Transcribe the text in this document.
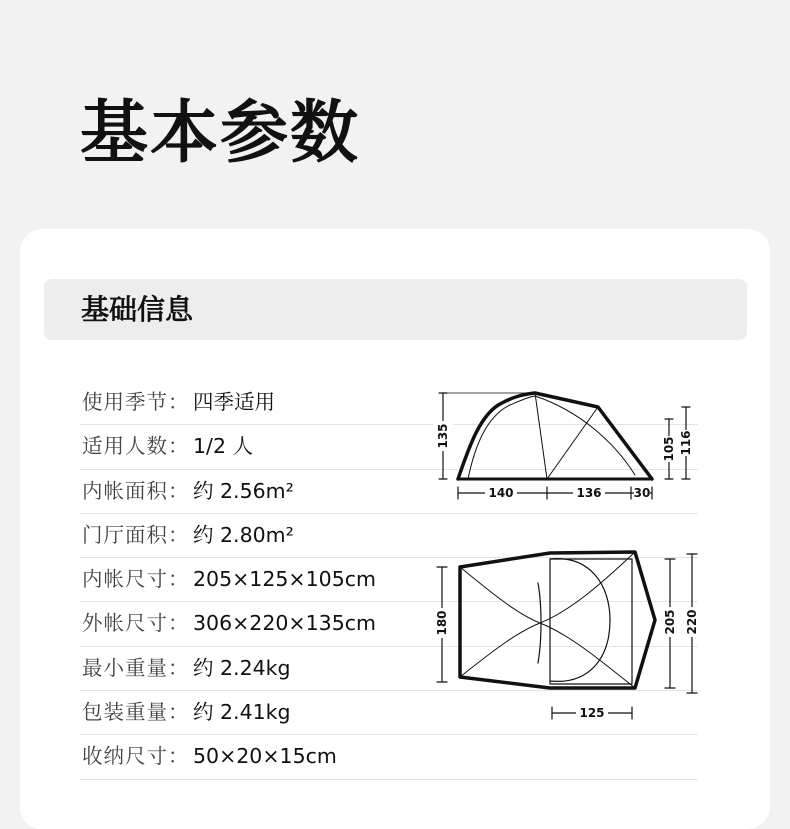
基本参数
基础信息
使用季节： 四季适用
适用人数： 1/2 人
内帐面积： 约 2.56m²
门厅面积： 约 2.80m²
内帐尺寸： 205×125×105cm
外帐尺寸： 306×220×135cm
最小重量： 约 2.24kg
包装重量： 约 2.41kg
收纳尺寸： 50×20×15cm
135
105 116
140	136	30
180	205 220
125
